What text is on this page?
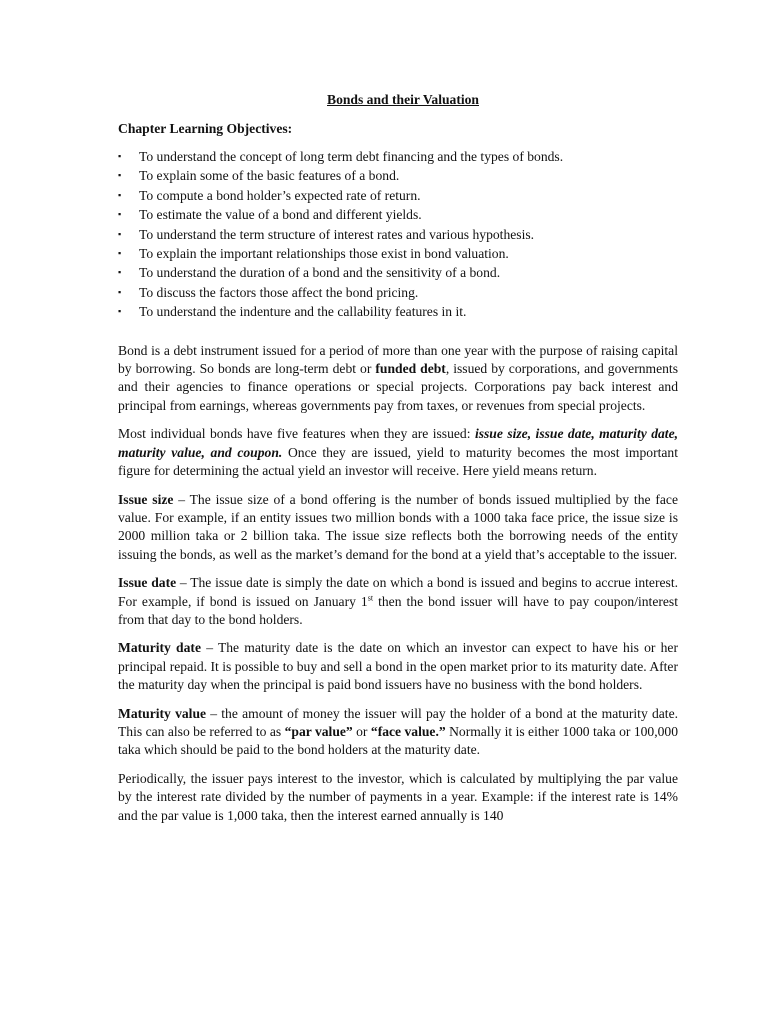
Bonds and their Valuation
Chapter Learning Objectives:
▪ To understand the concept of long term debt financing and the types of bonds.
▪ To explain some of the basic features of a bond.
▪ To compute a bond holder’s expected rate of return.
▪ To estimate the value of a bond and different yields.
▪ To understand the term structure of interest rates and various hypothesis.
▪ To explain the important relationships those exist in bond valuation.
▪ To understand the duration of a bond and the sensitivity of a bond.
▪ To discuss the factors those affect the bond pricing.
▪ To understand the indenture and the callability features in it.

Bond is a debt instrument issued for a period of more than one year with the purpose of raising capital by borrowing. So bonds are long-term debt or funded debt, issued by corporations, and governments and their agencies to finance operations or special projects. Corporations pay back interest and principal from earnings, whereas governments pay from taxes, or revenues from special projects.

Most individual bonds have five features when they are issued: issue size, issue date, maturity date, maturity value, and coupon. Once they are issued, yield to maturity becomes the most important figure for determining the actual yield an investor will receive. Here yield means return.

Issue size – The issue size of a bond offering is the number of bonds issued multiplied by the face value. For example, if an entity issues two million bonds with a 1000 taka face price, the issue size is 2000 million taka or 2 billion taka. The issue size reflects both the borrowing needs of the entity issuing the bonds, as well as the market’s demand for the bond at a yield that’s acceptable to the issuer.

Issue date – The issue date is simply the date on which a bond is issued and begins to accrue interest. For example, if bond is issued on January 1st then the bond issuer will have to pay coupon/interest from that day to the bond holders.

Maturity date – The maturity date is the date on which an investor can expect to have his or her principal repaid. It is possible to buy and sell a bond in the open market prior to its maturity date. After the maturity day when the principal is paid bond issuers have no business with the bond holders.

Maturity value – the amount of money the issuer will pay the holder of a bond at the maturity date. This can also be referred to as “par value” or “face value.” Normally it is either 1000 taka or 100,000 taka which should be paid to the bond holders at the maturity date.

Periodically, the issuer pays interest to the investor, which is calculated by multiplying the par value by the interest rate divided by the number of payments in a year. Example: if the interest rate is 14% and the par value is 1,000 taka, then the interest earned annually is 140
